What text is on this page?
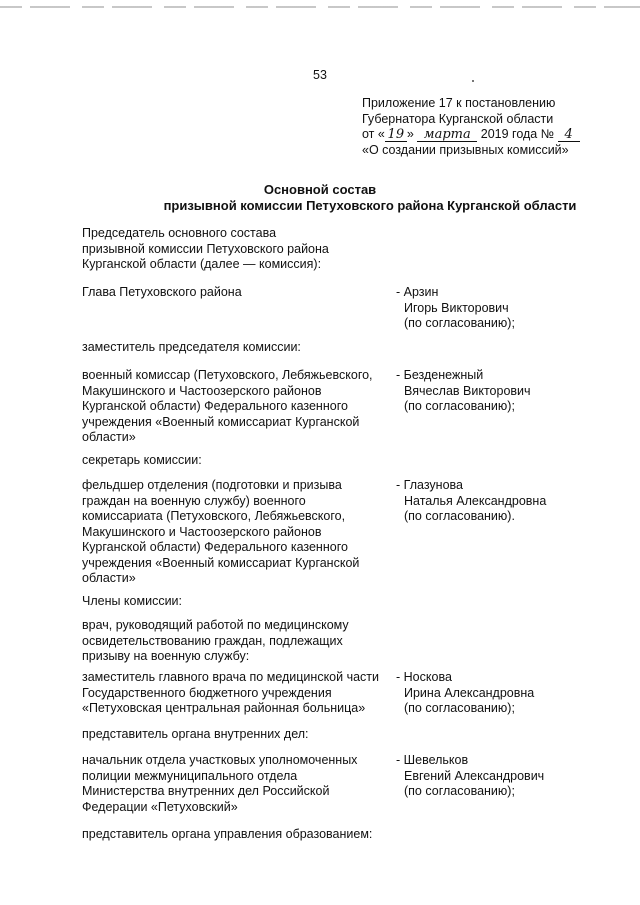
53
Приложение 17 к постановлению
Губернатора Курганской области
от « 19 » марта 2019 года № 4
«О создании призывных комиссий»
Основной состав
призывной комиссии Петуховского района Курганской области
Председатель основного состава
призывной комиссии Петуховского района
Курганской области (далее — комиссия):
Глава Петуховского района	- Арзин
Игорь Викторович
(по согласованию);
заместитель председателя комиссии:
военный комиссар (Петуховского, Лебяжьевского,
Макушинского и Частоозерского районов
Курганской области) Федерального казенного
учреждения «Военный комиссариат Курганской
области»
- Безденежный
Вячеслав Викторович
(по согласованию);
секретарь комиссии:
фельдшер отделения (подготовки и призыва
граждан на военную службу) военного
комиссариата (Петуховского, Лебяжьевского,
Макушинского и Частоозерского районов
Курганской области) Федерального казенного
учреждения «Военный комиссариат Курганской
области»
- Глазунова
Наталья Александровна
(по согласованию).
Члены комиссии:
врач, руководящий работой по медицинскому
освидетельствованию граждан, подлежащих
призыву на военную службу:
заместитель главного врача по медицинской части
Государственного бюджетного учреждения
«Петуховская центральная районная больница»
- Носкова
Ирина Александровна
(по согласованию);
представитель органа внутренних дел:
начальник отдела участковых уполномоченных
полиции межмуниципального отдела
Министерства внутренних дел Российской
Федерации «Петуховский»
- Шевельков
Евгений Александрович
(по согласованию);
представитель органа управления образованием:
